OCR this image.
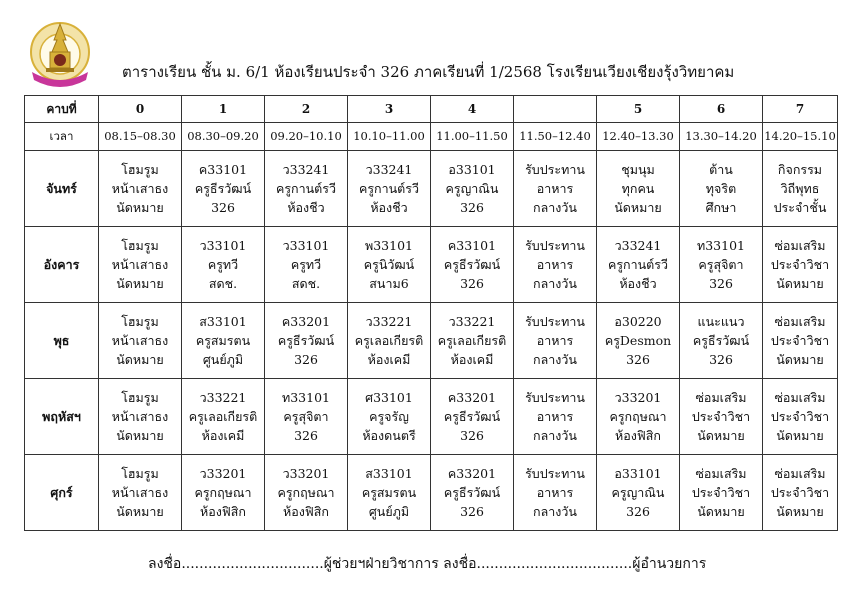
ตารางเรียน ชั้น ม. 6/1 ห้องเรียนประจำ 326 ภาคเรียนที่ 1/2568 โรงเรียนเวียงเชียงรุ้งวิทยาคม
คาบที่	0	1	2	3	4		5	6	7
เวลา	08.15–08.30	08.30–09.20	09.20–10.10	10.10–11.00	11.00–11.50	11.50–12.40	12.40–13.30	13.30–14.20	14.20–15.10
จันทร์	โฮมรูม
หน้าเสาธง
นัดหมาย	ค33101
ครูธีรวัฒน์
326	ว33241
ครูกานต์รวี
ห้องชีว	ว33241
ครูกานต์รวี
ห้องชีว	อ33101
ครูญาณิน
326	รับประทาน
อาหาร
กลางวัน	ชุมนุม
ทุกคน
นัดหมาย	ต้าน
ทุจริต
ศึกษา	กิจกรรม
วิถีพุทธ
ประจำชั้น

อังคาร	โฮมรูม
หน้าเสาธง
นัดหมาย	ว33101
ครูทวี
สดช.	ว33101
ครูทวี
สดช.	พ33101
ครูนิวัฒน์
สนาม6	ค33101
ครูธีรวัฒน์
326	รับประทาน
อาหาร
กลางวัน	ว33241
ครูกานต์รวี
ห้องชีว	ท33101
ครูสุจิตา
326	ซ่อมเสริม
ประจำวิชา
นัดหมาย

พุธ	โฮมรูม
หน้าเสาธง
นัดหมาย	ส33101
ครูสมรตน
ศูนย์ภูมิ	ค33201
ครูธีรวัฒน์
326	ว33221
ครูเลอเกียรติ
ห้องเคมี	ว33221
ครูเลอเกียรติ
ห้องเคมี	รับประทาน
อาหาร
กลางวัน	อ30220
ครูDesmon
326	แนะแนว
ครูธีรวัฒน์
326	ซ่อมเสริม
ประจำวิชา
นัดหมาย

พฤหัสฯ	โฮมรูม
หน้าเสาธง
นัดหมาย	ว33221
ครูเลอเกียรติ
ห้องเคมี	ท33101
ครูสุจิตา
326	ศ33101
ครูจรัญ
ห้องดนตรี	ค33201
ครูธีรวัฒน์
326	รับประทาน
อาหาร
กลางวัน	ว33201
ครูกฤษณา
ห้องฟิสิก	ซ่อมเสริม
ประจำวิชา
นัดหมาย	ซ่อมเสริม
ประจำวิชา
นัดหมาย

ศุกร์	โฮมรูม
หน้าเสาธง
นัดหมาย	ว33201
ครูกฤษณา
ห้องฟิสิก	ว33201
ครูกฤษณา
ห้องฟิสิก	ส33101
ครูสมรตน
ศูนย์ภูมิ	ค33201
ครูธีรวัฒน์
326	รับประทาน
อาหาร
กลางวัน	อ33101
ครูญาณิน
326	ซ่อมเสริม
ประจำวิชา
นัดหมาย	ซ่อมเสริม
ประจำวิชา
นัดหมาย
ลงชื่อ................................ผู้ช่วยฯฝ่ายวิชาการ ลงชื่อ...................................ผู้อำนวยการ
